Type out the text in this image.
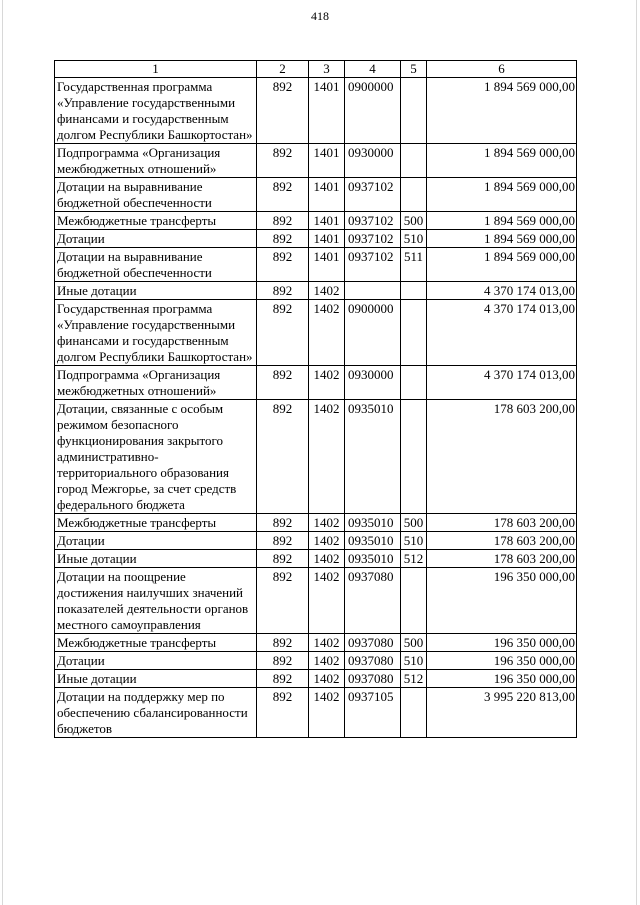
418
1	2	3	4	5	6
Государственная программа «Управление государственными финансами и государственным долгом Республики Башкортостан»	892	1401	0900000		1 894 569 000,00
Подпрограмма «Организация межбюджетных отношений»	892	1401	0930000		1 894 569 000,00
Дотации на выравнивание бюджетной обеспеченности	892	1401	0937102		1 894 569 000,00
Межбюджетные трансферты	892	1401	0937102	500	1 894 569 000,00
Дотации	892	1401	0937102	510	1 894 569 000,00
Дотации на выравнивание бюджетной обеспеченности	892	1401	0937102	511	1 894 569 000,00
Иные дотации	892	1402			4 370 174 013,00
Государственная программа «Управление государственными финансами и государственным долгом Республики Башкортостан»	892	1402	0900000		4 370 174 013,00
Подпрограмма «Организация межбюджетных отношений»	892	1402	0930000		4 370 174 013,00
Дотации, связанные с особым режимом безопасного функционирования закрытого административно-территориального образования город Межгорье, за счет средств федерального бюджета	892	1402	0935010		178 603 200,00
Межбюджетные трансферты	892	1402	0935010	500	178 603 200,00
Дотации	892	1402	0935010	510	178 603 200,00
Иные дотации	892	1402	0935010	512	178 603 200,00
Дотации на поощрение достижения наилучших значений показателей деятельности органов местного самоуправления	892	1402	0937080		196 350 000,00
Межбюджетные трансферты	892	1402	0937080	500	196 350 000,00
Дотации	892	1402	0937080	510	196 350 000,00
Иные дотации	892	1402	0937080	512	196 350 000,00
Дотации на поддержку мер по обеспечению сбалансированности бюджетов	892	1402	0937105		3 995 220 813,00
